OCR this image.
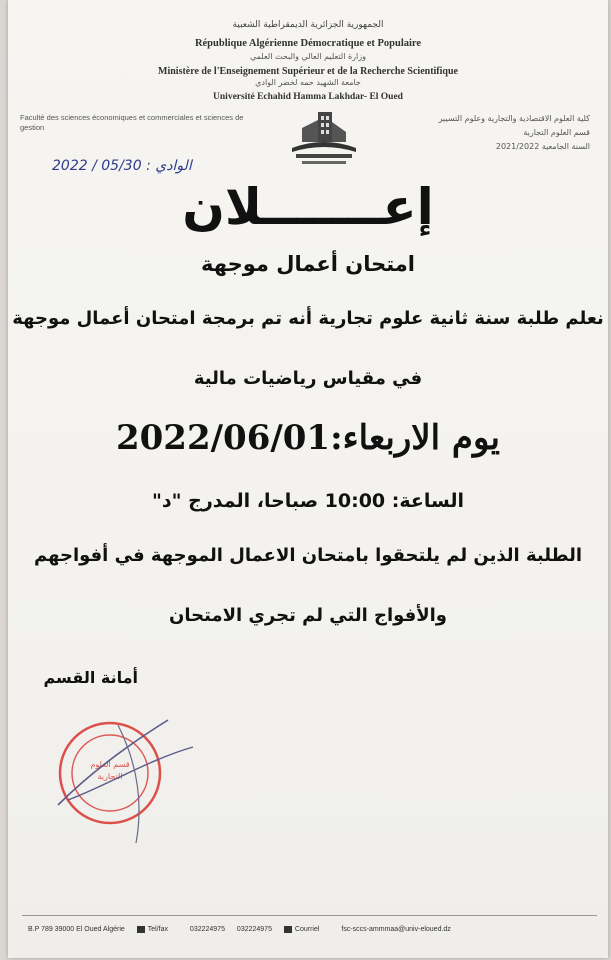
الجمهورية الجزائرية الديمقراطية الشعبية
République Algérienne Démocratique et Populaire
وزارة التعليم العالي والبحث العلمي
Ministère de l'Enseignement Supérieur et de la Recherche Scientifique
جامعة الشهيد حمه لخضر الوادي
Université Echahid Hamma Lakhdar- El Oued
Faculté des sciences économiques et commerciales et sciences de gestion
كلية العلوم الاقتصادية والتجارية وعلوم التسيير
قسم العلوم التجارية
السنة الجامعية 2021/2022
الوادي : 05/30 / 2022
إعـــــــلان
امتحان أعمال موجهة
نعلم طلبة سنة ثانية علوم تجارية أنه تم برمجة امتحان أعمال موجهة
في مقياس رياضيات مالية
يوم الاربعاء:2022/06/01
الساعة: 10:00 صباحا، المدرج "د"
الطلبة الذين لم يلتحقوا بامتحان الاعمال الموجهة في أفواجهم
والأفواج التي لم تجري الامتحان
أمانة القسم
قسم العلوم
التجارية
B.P 789 39000 El Oued Algérie	Tel/fax	032224975 032224975	Courriel	fsc-sccs-ammmaa@univ-eloued.dz
